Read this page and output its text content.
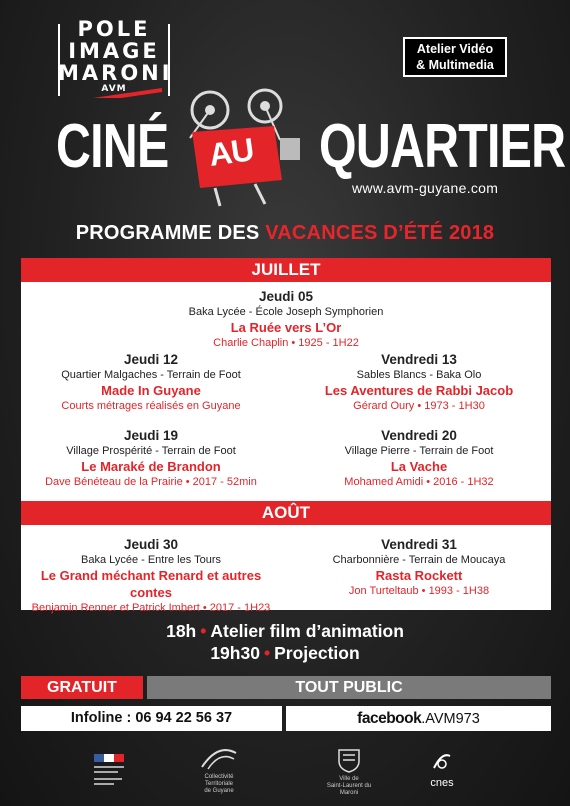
POLE
IMAGE
MARONI
AVM
Atelier Vidéo
& Multimedia
CINÉ AU QUARTIER
www.avm-guyane.com
PROGRAMME DES VACANCES D’ÉTÉ 2018
JUILLET
Jeudi 05
Baka Lycée - École Joseph Symphorien
La Ruée vers L’Or
Charlie Chaplin • 1925 - 1H22
Jeudi 12
Quartier Malgaches - Terrain de Foot
Made In Guyane
Courts métrages réalisés en Guyane
Vendredi 13
Sables Blancs - Baka Olo
Les Aventures de Rabbi Jacob
Gérard Oury • 1973 - 1H30
Jeudi 19
Village Prospérité - Terrain de Foot
Le Maraké de Brandon
Dave Bénéteau de la Prairie • 2017 - 52min
Vendredi 20
Village Pierre - Terrain de Foot
La Vache
Mohamed Amidi • 2016 - 1H32
AOÛT
Jeudi 30
Baka Lycée - Entre les Tours
Le Grand méchant Renard et autres contes
Benjamin Renner et Patrick Imbert • 2017 - 1H23
Vendredi 31
Charbonnière - Terrain de Moucaya
Rasta Rockett
Jon Turteltaub • 1993 - 1H38
18h • Atelier film d’animation
19h30 • Projection
GRATUIT	TOUT PUBLIC
Infoline : 06 94 22 56 37	facebook.AVM973
Collectivité
Territoriale
de Guyane
Ville de
Saint-Laurent du Maroni
cnes
